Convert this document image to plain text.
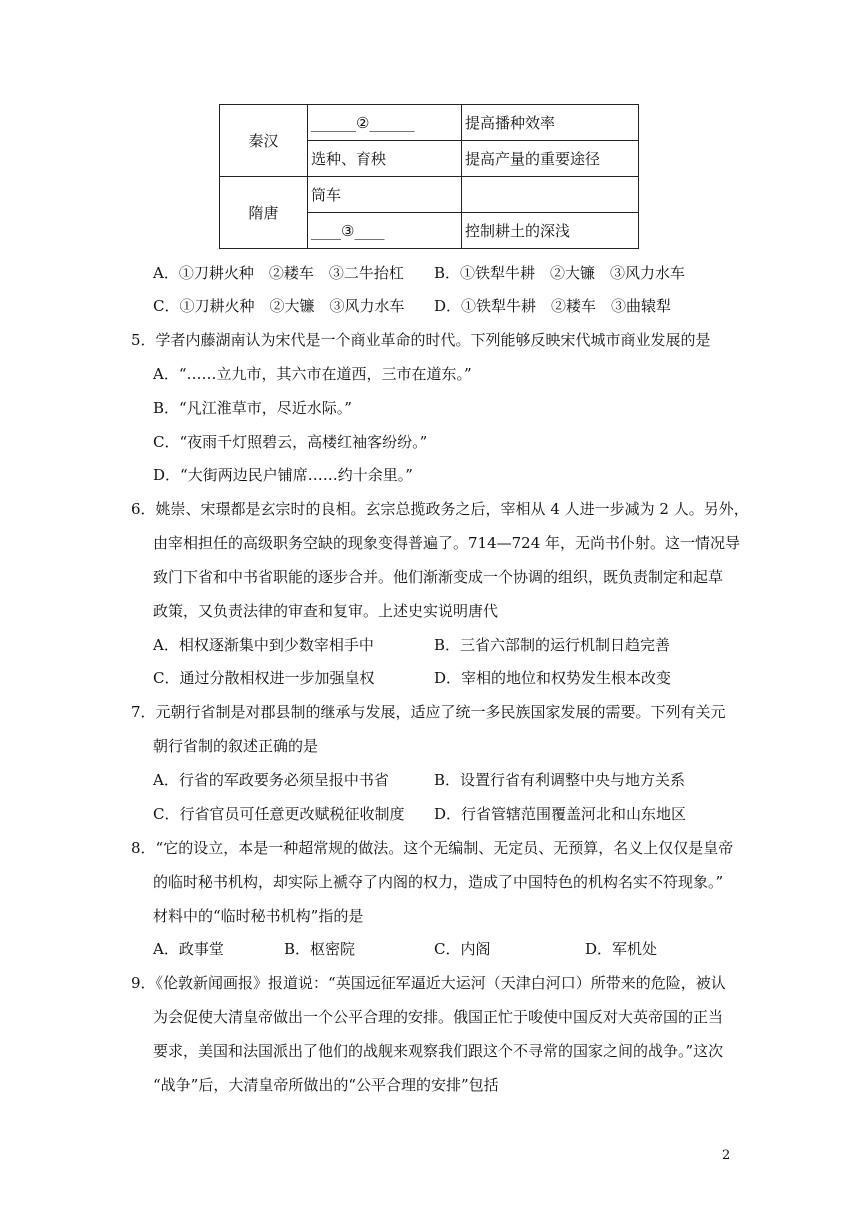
秦汉	______②______	提高播种效率
	选种、育秧	提高产量的重要途径
隋唐	筒车	
	____③____	控制耕土的深浅
A．①刀耕火种　②耧车　③二牛抬杠 B．①铁犁牛耕　②大镰　③风力水车
C．①刀耕火种　②大镰　③风力水车 D．①铁犁牛耕　②耧车　③曲辕犁
5．学者内藤湖南认为宋代是一个商业革命的时代。下列能够反映宋代城市商业发展的是
A．“……立九市，其六市在道西，三市在道东。”
B．“凡江淮草市，尽近水际。”
C．“夜雨千灯照碧云，高楼红袖客纷纷。”
D．“大街两边民户铺席……约十余里。”
6．姚崇、宋璟都是玄宗时的良相。玄宗总揽政务之后，宰相从 4 人进一步减为 2 人。另外，
由宰相担任的高级职务空缺的现象变得普遍了。714—724 年，无尚书仆射。这一情况导
致门下省和中书省职能的逐步合并。他们渐渐变成一个协调的组织，既负责制定和起草
政策，又负责法律的审查和复审。上述史实说明唐代
A．相权逐渐集中到少数宰相手中	B．三省六部制的运行机制日趋完善
C．通过分散相权进一步加强皇权	D．宰相的地位和权势发生根本改变
7．元朝行省制是对郡县制的继承与发展，适应了统一多民族国家发展的需要。下列有关元
朝行省制的叙述正确的是
A．行省的军政要务必须呈报中书省	B．设置行省有利调整中央与地方关系
C．行省官员可任意更改赋税征收制度 D．行省管辖范围覆盖河北和山东地区
8．“它的设立，本是一种超常规的做法。这个无编制、无定员、无预算，名义上仅仅是皇帝
的临时秘书机构，却实际上褫夺了内阁的权力，造成了中国特色的机构名实不符现象。”
材料中的“临时秘书机构”指的是
A．政事堂	B．枢密院	C．内阁	D．军机处
9．《伦敦新闻画报》报道说：“英国远征军逼近大运河（天津白河口）所带来的危险，被认
为会促使大清皇帝做出一个公平合理的安排。俄国正忙于唆使中国反对大英帝国的正当
要求，美国和法国派出了他们的战舰来观察我们跟这个不寻常的国家之间的战争。”这次
“战争”后，大清皇帝所做出的“公平合理的安排”包括
2
